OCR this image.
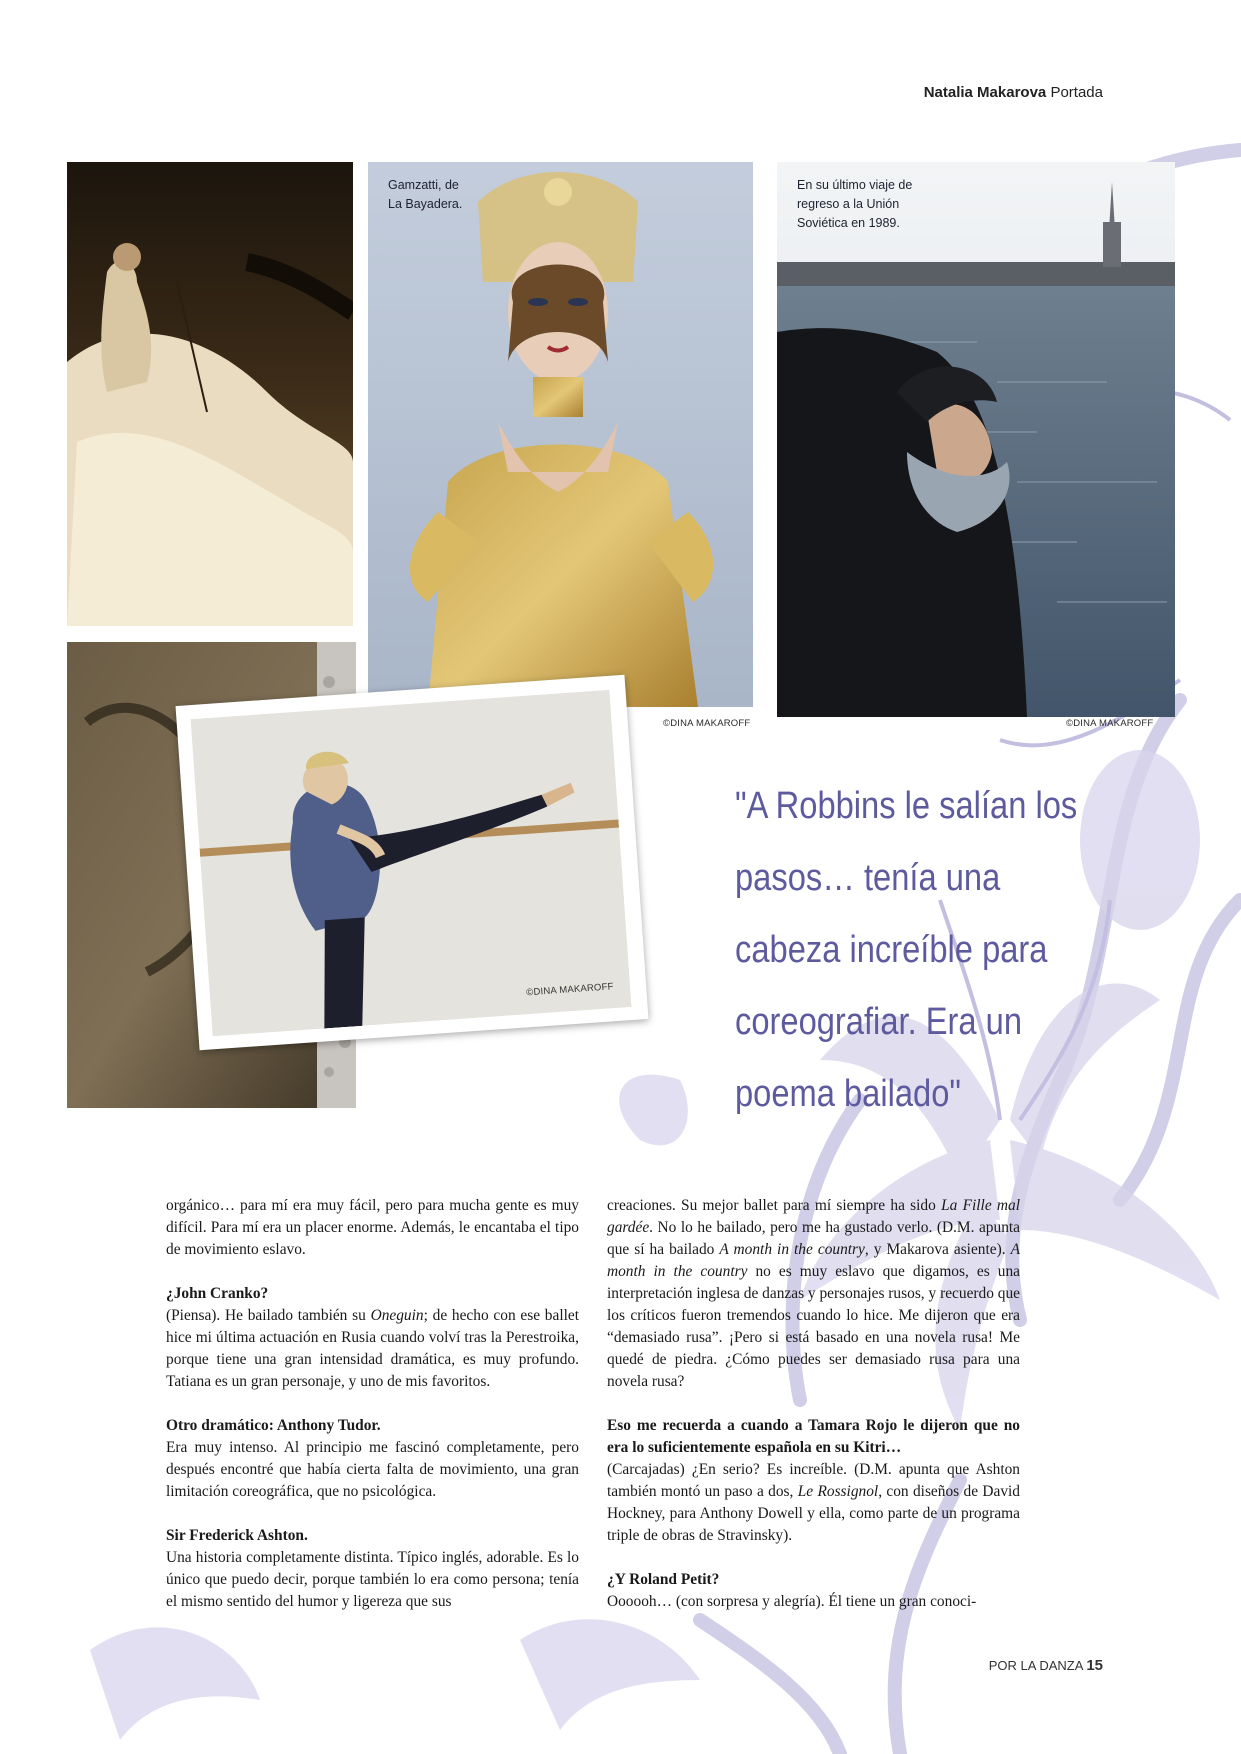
Natalia Makarova Portada
Gamzatti, de
La Bayadera.
©DINA MAKAROFF
En su último viaje de
regreso a la Unión
Soviética en 1989.
©DINA MAKAROFF
©DINA MAKAROFF
"A Robbins le salían los pasos… tenía una cabeza increíble para coreografiar. Era un poema bailado"

orgánico… para mí era muy fácil, pero para mucha gente es muy difícil. Para mí era un placer enorme. Además, le encantaba el tipo de movimiento eslavo.

¿John Cranko?
(Piensa). He bailado también su Oneguin; de hecho con ese ballet hice mi última actuación en Rusia cuando volví tras la Perestroika, porque tiene una gran intensidad dramática, es muy profundo. Tatiana es un gran personaje, y uno de mis favoritos.

Otro dramático: Anthony Tudor.
Era muy intenso. Al principio me fascinó completamente, pero después encontré que había cierta falta de movimiento, una gran limitación coreográfica, que no psicológica.

Sir Frederick Ashton.
Una historia completamente distinta. Típico inglés, adorable. Es lo único que puedo decir, porque también lo era como persona; tenía el mismo sentido del humor y ligereza que sus

creaciones. Su mejor ballet para mí siempre ha sido La Fille mal gardée. No lo he bailado, pero me ha gustado verlo. (D.M. apunta que sí ha bailado A month in the country, y Makarova asiente). A month in the country no es muy eslavo que digamos, es una interpretación inglesa de danzas y personajes rusos, y recuerdo que los críticos fueron tremendos cuando lo hice. Me dijeron que era “demasiado rusa”. ¡Pero si está basado en una novela rusa! Me quedé de piedra. ¿Cómo puedes ser demasiado rusa para una novela rusa?

Eso me recuerda a cuando a Tamara Rojo le dijeron que no era lo suficientemente española en su Kitri…
(Carcajadas) ¿En serio? Es increíble. (D.M. apunta que Ashton también montó un paso a dos, Le Rossignol, con diseños de David Hockney, para Anthony Dowell y ella, como parte de un programa triple de obras de Stravinsky).

¿Y Roland Petit?
Oooooh… (con sorpresa y alegría). Él tiene un gran conoci-

POR LA DANZA 15
